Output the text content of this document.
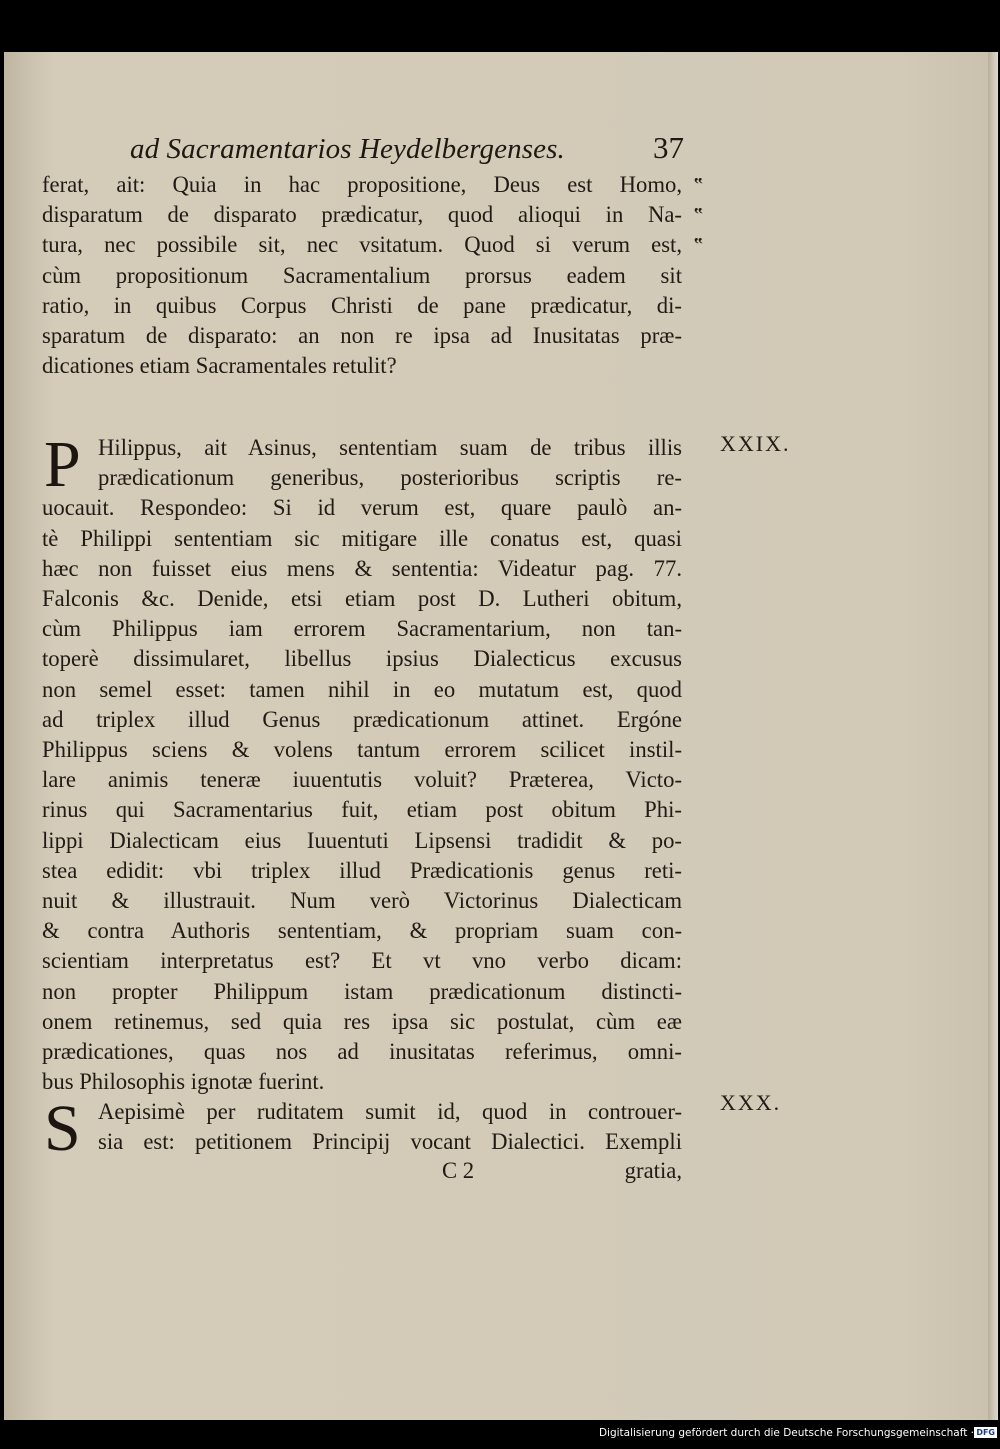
ad Sacramentarios Heydelbergenses.	37
ferat, ait: Quia in hac propositione, Deus est Homo,
disparatum de disparato prædicatur, quod alioqui in Na-
tura, nec possibile sit, nec vsitatum. Quod si verum est,
cùm propositionum Sacramentalium prorsus eadem sit
ratio, in quibus Corpus Christi de pane prædicatur, di-
sparatum de disparato: an non re ipsa ad Inusitatas præ-
dicationes etiam Sacramentales retulit?
‟
‟
‟
XXIX.
P Hilippus, ait Asinus, sententiam suam de tribus illis
prædicationum generibus, posterioribus scriptis re-
uocauit. Respondeo: Si id verum est, quare paulò an-
tè Philippi sententiam sic mitigare ille conatus est, quasi
hæc non fuisset eius mens & sententia: Videatur pag. 77.
Falconis &c. Denide, etsi etiam post D. Lutheri obitum,
cùm Philippus iam errorem Sacramentarium, non tan-
toperè dissimularet, libellus ipsius Dialecticus excusus
non semel esset: tamen nihil in eo mutatum est, quod
ad triplex illud Genus prædicationum attinet. Ergóne
Philippus sciens & volens tantum errorem scilicet instil-
lare animis teneræ iuuentutis voluit? Præterea, Victo-
rinus qui Sacramentarius fuit, etiam post obitum Phi-
lippi Dialecticam eius Iuuentuti Lipsensi tradidit & po-
stea edidit: vbi triplex illud Prædicationis genus reti-
nuit & illustrauit. Num verò Victorinus Dialecticam
& contra Authoris sententiam, & propriam suam con-
scientiam interpretatus est? Et vt vno verbo dicam:
non propter Philippum istam prædicationum distincti-
onem retinemus, sed quia res ipsa sic postulat, cùm eæ
prædicationes, quas nos ad inusitatas referimus, omni-
bus Philosophis ignotæ fuerint.
XXX.
S Aepisimè per ruditatem sumit id, quod in controuer-
sia est: petitionem Principij vocant Dialectici. Exempli
C 2	gratia,
Digitalisierung gefördert durch die Deutsche Forschungsgemeinschaft · DFG
